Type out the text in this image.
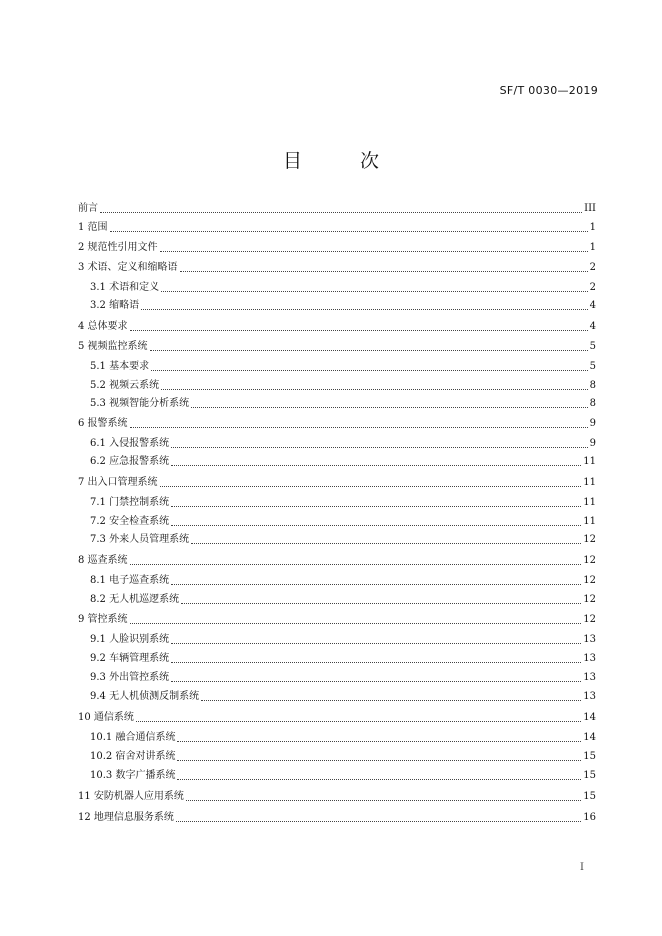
SF/T 0030—2019
目 次
前言	III
1 范围	1
2 规范性引用文件	1
3 术语、定义和缩略语	2
3.1 术语和定义	2
3.2 缩略语	4
4 总体要求	4
5 视频监控系统	5
5.1 基本要求	5
5.2 视频云系统	8
5.3 视频智能分析系统	8
6 报警系统	9
6.1 入侵报警系统	9
6.2 应急报警系统	11
7 出入口管理系统	11
7.1 门禁控制系统	11
7.2 安全检查系统	11
7.3 外来人员管理系统	12
8 巡查系统	12
8.1 电子巡查系统	12
8.2 无人机巡逻系统	12
9 管控系统	12
9.1 人脸识别系统	13
9.2 车辆管理系统	13
9.3 外出管控系统	13
9.4 无人机侦测反制系统	13
10 通信系统	14
10.1 融合通信系统	14
10.2 宿舍对讲系统	15
10.3 数字广播系统	15
11 安防机器人应用系统	15
12 地理信息服务系统	16
I
